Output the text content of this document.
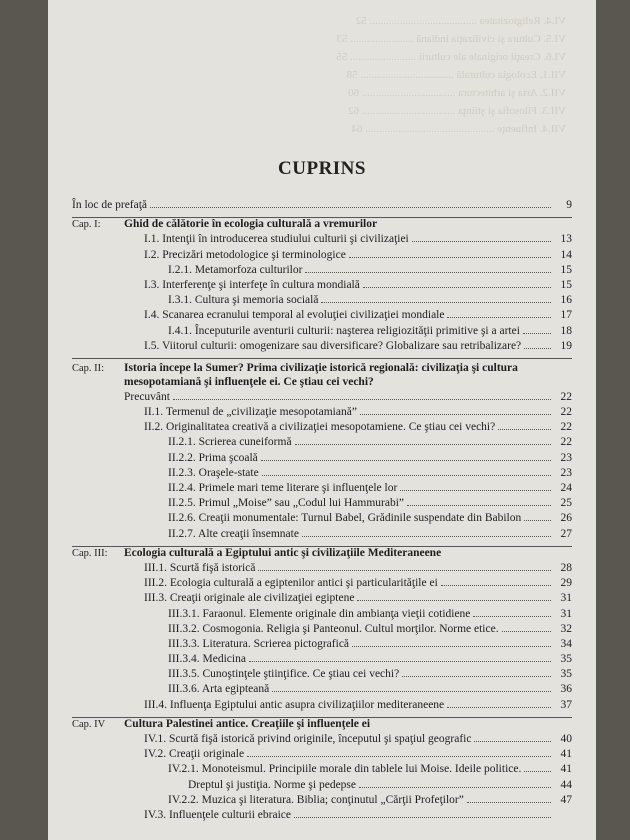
VI.4. Religiozitatea ....................................... 52
VI.5. Cultura şi civilizaţia indiană ....................... 53
VI.6. Creaţii originale ale culturii ........................ 55
VII.1. Ecologia culturală .................................. 58
VII.2. Arta şi arhitectura .................................. 60
VII.3. Filosofia şi ştiinţa .................................. 62
VII.4. Influenţe ............................................... 64
CUPRINS
În loc de prefaţă	9
Cap. I:	Ghid de călătorie în ecologia culturală a vremurilor
I.1. Intenţii în introducerea studiului culturii şi civilizaţiei	13
I.2. Precizări metodologice şi terminologice	14
I.2.1. Metamorfoza culturilor	15
I.3. Interferenţe şi interfeţe în cultura mondială	15
I.3.1. Cultura şi memoria socială	16
I.4. Scanarea ecranului temporal al evoluţiei civilizaţiei mondiale	17
I.4.1. Începuturile aventurii culturii: naşterea religiozităţii primitive şi a artei	18
I.5. Viitorul culturii: omogenizare sau diversificare? Globalizare sau retribalizare?	19
Cap. II:	Istoria începe la Sumer? Prima civilizaţie istorică regională: civilizaţia şi cultura mesopotamiană şi influenţele ei. Ce ştiau cei vechi?
Precuvânt	22
II.1. Termenul de „civilizaţie mesopotamiană”	22
II.2. Originalitatea creativă a civilizaţiei mesopotamiene. Ce ştiau cei vechi?	22
II.2.1. Scrierea cuneiformă	22
II.2.2. Prima şcoală	23
II.2.3. Oraşele-state	23
II.2.4. Primele mari teme literare şi influenţele lor	24
II.2.5. Primul „Moise” sau „Codul lui Hammurabi”	25
II.2.6. Creaţii monumentale: Turnul Babel, Grădinile suspendate din Babilon	26
II.2.7. Alte creaţii însemnate	27
Cap. III:	Ecologia culturală a Egiptului antic şi civilizaţiile Mediteraneene
III.1. Scurtă fişă istorică	28
III.2. Ecologia culturală a egiptenilor antici şi particularităţile ei	29
III.3. Creaţii originale ale civilizaţiei egiptene	31
III.3.1. Faraonul. Elemente originale din ambianţa vieţii cotidiene	31
III.3.2. Cosmogonia. Religia şi Panteonul. Cultul morţilor. Norme etice.	32
III.3.3. Literatura. Scrierea pictografică	34
III.3.4. Medicina	35
III.3.5. Cunoştinţele ştiinţifice. Ce ştiau cei vechi?	35
III.3.6. Arta egipteană	36
III.4. Influenţa Egiptului antic asupra civilizaţiilor mediteraneene	37
Cap. IV	Cultura Palestinei antice. Creaţiile şi influenţele ei
IV.1. Scurtă fişă istorică privind originile, începutul şi spaţiul geografic	40
IV.2. Creaţii originale	41
IV.2.1. Monoteismul. Principiile morale din tablele lui Moise. Ideile politice.	41
Dreptul şi justiţia. Norme şi pedepse	44
IV.2.2. Muzica şi literatura. Biblia; conţinutul „Cărţii Profeţilor”	47
IV.3. Influenţele culturii ebraice
